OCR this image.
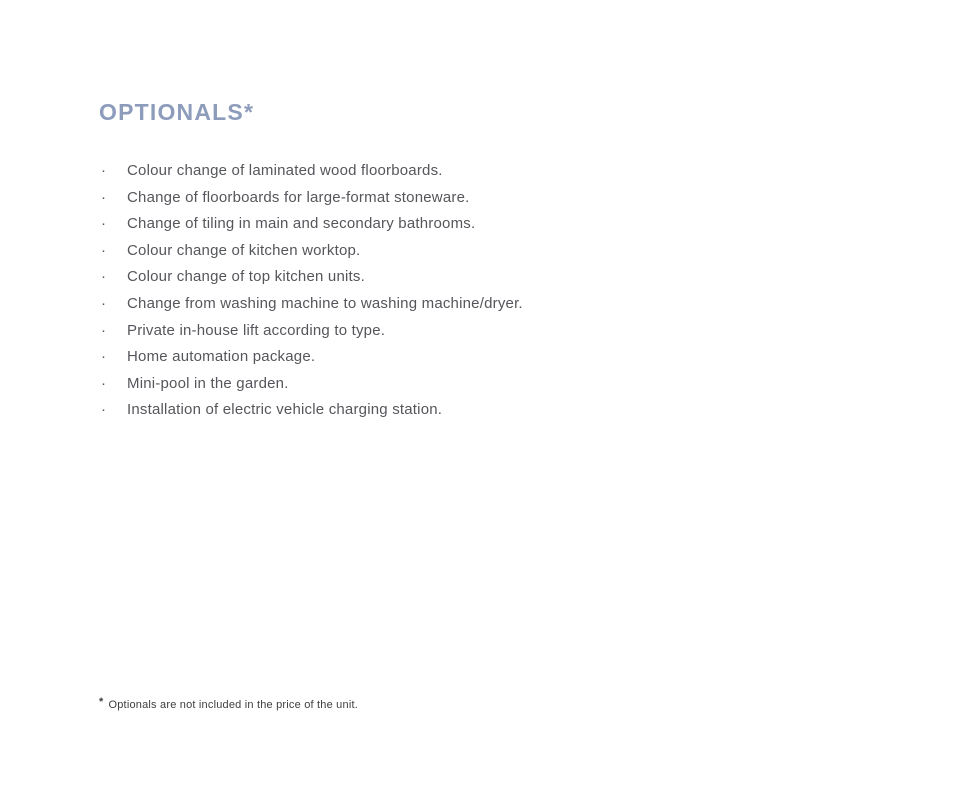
OPTIONALS*
·	Colour change of laminated wood floorboards.
·	Change of floorboards for large-format stoneware.
·	Change of tiling in main and secondary bathrooms.
·	Colour change of kitchen worktop.
·	Colour change of top kitchen units.
·	Change from washing machine to washing machine/dryer.
·	Private in-house lift according to type.
·	Home automation package.
·	Mini-pool in the garden.
·	Installation of electric vehicle charging station.

* Optionals are not included in the price of the unit.
